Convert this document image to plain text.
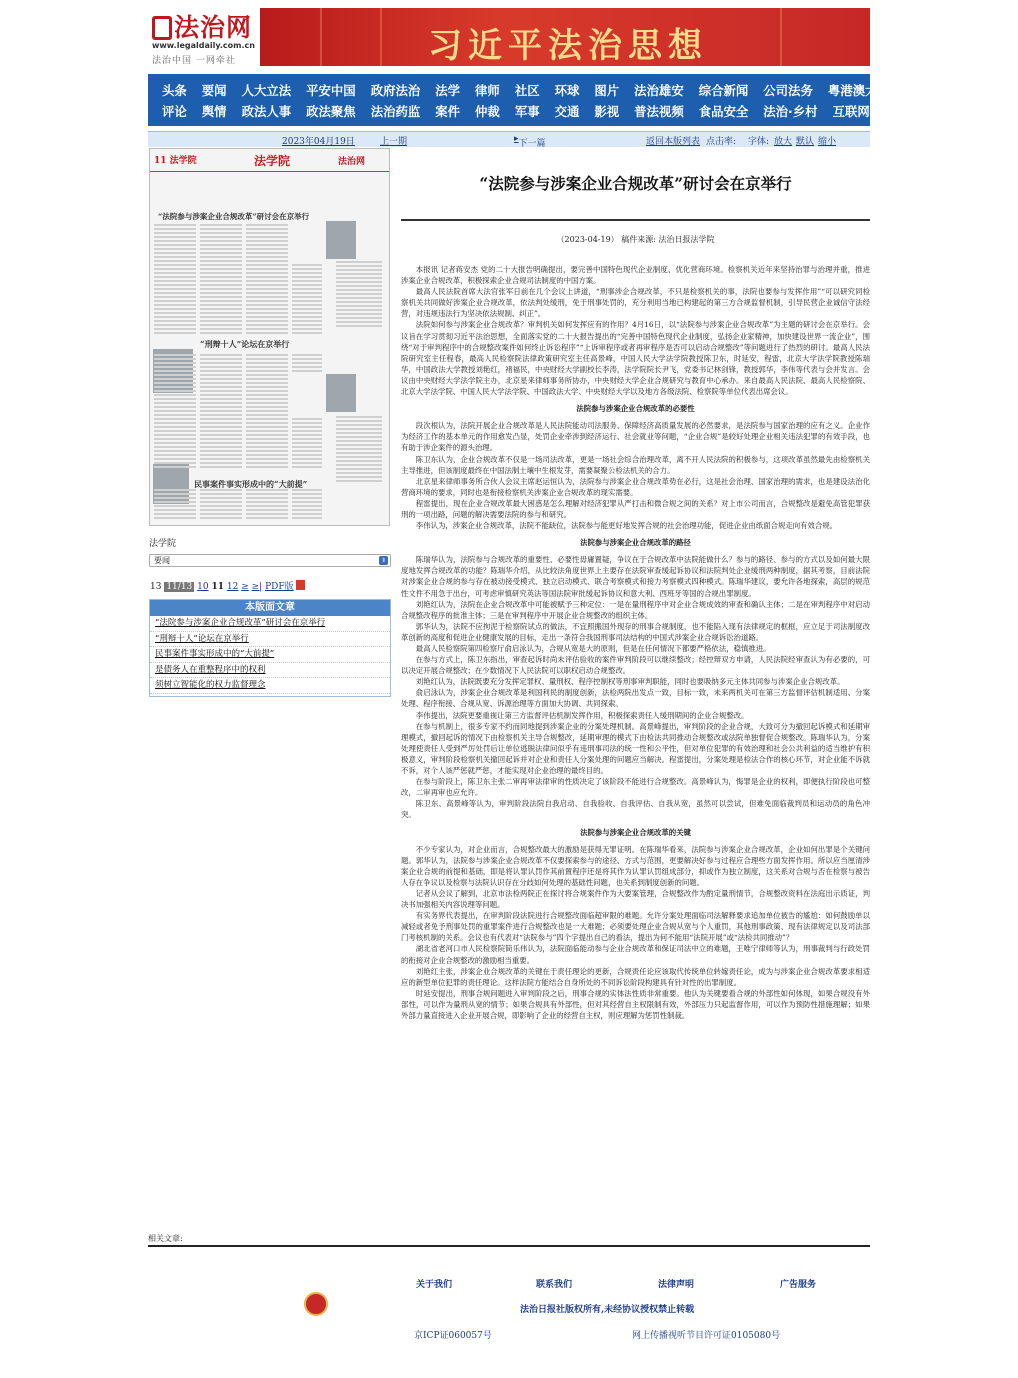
法治网
www.legaldaily.com.cn
法治中国 一网牵社	习近平法治思想
头条 要闻 人大立法 平安中国 政府法治 法学 律师 社区 环球 图片 法治雄安 综合新闻 公司法务 粤港澳大湾区
评论 舆情 政法人事 政法聚焦 法治药监 案件 仲裁 军事 交通 影视 普法视频 食品安全 法治·乡村 互联网法治
2023年04月19日	上一期	▸ 下一篇	返回本版列表 点击率: 字体: 放大 默认 缩小
11 法学院	法学院	法治网
“法院参与涉案企业合规改革”研讨会在京举行
“刑辩十人”论坛在京举行
民事案件事实形成中的“大前提”
法学院
要闻	⇕
13 11/13 10 11 12 ≥ ≥| PDF版
本版面文章
“法院参与涉案企业合规改革”研讨会在京举行
“刑辩十人”论坛在京举行
民事案件事实形成中的“大前提”
是债务人在重整程序中的权利
须树立智能化的权力监督理念
“法院参与涉案企业合规改革”研讨会在京举行
（2023-04-19） 稿件来源: 法治日报法学院

本报讯 记者蒋安杰 党的二十大报告明确提出，要完善中国特色现代企业制度、优化营商环境。检察机关近年来坚持治罪与治理并重，推进涉案企业合规改革，积极探索企业合规司法制度的中国方案。

最高人民法院首席大法官张军日前在几个会议上讲道，“刑事涉企合规改革，不只是检察机关的事，法院也要参与发挥作用”“可以研究同检察机关共同做好涉案企业合规改革，依法判处缓刑，免于刑事处罚的，充分利用当地已构建起的第三方合规监督机制，引导民营企业诚信守法经营，对违规违法行为坚决依法规制、纠正”。

法院如何参与涉案企业合规改革？审判机关如何发挥应有的作用？4月16日，以“法院参与涉案企业合规改革”为主题的研讨会在京举行。会议旨在学习贯彻习近平法治思想，全面落实党的二十大报告提出的“完善中国特色现代企业制度，弘扬企业家精神，加快建设世界一流企业”，围绕“对于审判程序中的合规整改案件如何终止诉讼程序”“上诉审程序或者再审程序是否可以启动合规整改”等问题进行了热烈的研讨。最高人民法院研究室主任程春，最高人民检察院法律政策研究室主任高景峰，中国人民大学法学院教授陈卫东，时延安，程雷，北京大学法学院教授陈瑞华，中国政法大学教授刘艳红，褚福民，中央财经大学副校长李涛，法学院院长尹飞，党委书记林剑锋，教授郭华，李伟等代表与会并发言。会议由中央财经大学法学院主办，北京星来律师事务所协办，中央财经大学企业合规研究与教育中心承办。来自最高人民法院、最高人民检察院、北京大学法学院、中国人民大学法学院、中国政法大学、中央财经大学以及地方各级法院、检察院等单位代表出席会议。

法院参与涉案企业合规改革的必要性

段次根认为，法院开展企业合规改革是人民法院能动司法服务、保障经济高质量发展的必然要求，是法院参与国家治理的应有之义。企业作为经济工作的基本单元的作用愈发凸显，处罚企业牵涉到经济运行、社会就业等问题，“企业合规”是较好处理企业相关违法犯罪的有效手段，也有助于涉企案件的源头治理。

陈卫东认为，企业合规改革不仅是一场司法改革，更是一场社会综合治理改革，离不开人民法院的积极参与，这项改革虽然最先由检察机关主导推进，但该制度最终在中国法制土壤中生根发芽，需要凝聚公检法机关的合力。

北京星来律师事务所合伙人会议主席赵运恒认为，法院参与涉案企业合规改革势在必行，这是社会治理、国家治理的需求，也是建设法治化营商环境的要求，同时也是衔接检察机关涉案企业合规改革的现实需要。

程雷提出，现在企业合规改革最大困惑是怎么理解对经济犯罪从严打击和微合规之间的关系？对上市公司而言，合规整改是避免高管犯罪获刑的一项出路，问题的解决需要法院的参与和研究。

李伟认为，涉案企业合规改革，法院不能缺位，法院参与能更好地发挥合规的社会治理功能，促进企业由纸面合规走向有效合规。

法院参与涉案企业合规改革的路径

陈瑞华认为，法院参与合规改革的重要性、必要性毋庸置疑，争议在于合规改革中法院能做什么？参与的路径、参与的方式以及如何最大限度地发挥合规改革的功能？陈瑞华介绍，从比较法角度世界上主要存在法院审查缓起诉协议和法院判处企业缓刑两种制度，据其考察，目前法院对涉案企业合规的参与存在被动接受模式、独立启动模式、联合考察模式和接力考察模式四种模式。陈瑞华建议，要允许各地探索，高层的规范性文件不用急于出台，可考虑审慎研究英法等国法院审批缓起诉协议和意大利、西班牙等国的合规出罪制度。

刘艳红认为，法院在企业合规改革中可能被赋予三种定位：一是在量刑程序中对企业合规成效的审查和确认主体；二是在审判程序中对启动合规整改程序的批准主体；三是在审判程序中开展企业合规整改的组织主体。

郭华认为，法院不应拘泥于检察院试点的做法，不宜照搬国外现存的刑事合规制度，也不能陷入现有法律规定的框框，应立足于司法制度改革创新的高度和促进企业健康发展的目标，走出一条符合我国刑事司法结构的中国式涉案企业合规诉讼治道路。

最高人民检察院第四检察厅俞启泳认为，合规从宽是大的原则，但是在任何情况下都要严格依法，稳慎推进。

在参与方式上，陈卫东指出，审查起诉时尚未评估验收的案件审判阶段可以继续整改；经控辩双方申请，人民法院经审查认为有必要的，可以决定开展合规整改；在少数情况下人民法院可以职权启动合规整改。

刘艳红认为，法院既要充分发挥定罪权、量刑权、程序控制权等刑事审判职能，同时也要吸纳多元主体共同参与涉案企业合规改革。

俞启泳认为，涉案企业合规改革是利国利民的制度创新，法检两院出发点一致，目标一致，未来两机关可在第三方监督评估机制适用、分案处理、程序衔接、合规从宽、诉源治理等方面加大协调、共同探索。

李伟提出，法院更要重视让第三方监督评估机制发挥作用，积极探索责任人缓刑期间的企业合规整改。

在参与机制上，很多专家不约而同地提到涉案企业的分案处理机制。高景峰提出，审判阶段的企业合规，大致可分为撤回起诉模式和延期审理模式，撤回起诉的情况下由检察机关主导合规整改，延期审理的模式下由检法共同推动合规整改或法院单独督促合规整改。陈瑞华认为，分案处理使责任人受到严厉处罚后让单位逃脱法律问似乎有违刑事司法的统一性和公平性，但对单位犯罪的有效治理和社会公共利益的适当维护有积极意义，审判阶段检察机关撤回起诉并对企业和责任人分案处理的问题应当解决。程雷提出，分案处理是检法合作的核心环节，对企业能不诉就不诉，对个人该严惩就严惩，才能实现对企业治理的最终目的。

在参与阶段上，陈卫东主张二审再审法律审的性质决定了该阶段不能进行合规整改。高景峰认为，悔罪是企业的权利，即便执行阶段也可整改，二审再审也应允许。

陈卫东、高景峰等认为，审判阶段法院自我启动、自我验收、自我评估、自我从宽，虽然可以尝试，但难免面临裁判员和运动员的角色冲突。

法院参与涉案企业合规改革的关键

不少专家认为，对企业而言，合规整改最大的激励是获得无罪证明。在陈瑞华看来，法院参与涉案企业合规改革，企业如何出罪是个关键问题。郭华认为，法院参与涉案企业合规改革不仅要探索参与的途径、方式与范围，更要解决好参与过程应合理些方面发挥作用。所以应当厘清涉案企业合规的前提和基础，即是将认罪认罚作其前置程序还是将其作为认罪认罚组成部分，抑或作为独立制度，这关系对合规与否在检察与被告人存在争议以及检察与法院认识存在分歧如何处理的基础性问题，也关系到制度创新的问题。

记者从会议了解到，北京市法检两院正在探讨将合规案件作为大要案管理，合规整改作为酌定量刑情节，合规整改资料在法庭出示质证，判决书加强相关内容说理等问题。

有实务界代表提出，在审判阶段法院进行合规整改面临超审限的难题。允许分案处理面临司法解释要求追加单位被告的尴尬：如何鼓励单以减轻或者免予刑事处罚的重罪案件进行合规整改也是一大难题；必须要处理企业合规从宽与个人重罚，其他刑事政策、现有法律规定以及司法部门考核机制的关系。会议也有代表对“法院参与”四个字提出自己的看法，提出为何不能用“法院开展”或“法检共同推动”？

湖北省老河口市人民检察院简乐伟认为，法院面临能动参与企业合规改革和保证司法中立的难题，王唯宁律师等认为，刑事裁判与行政处罚的衔接对企业合规整改的激励相当重要。

刘艳红主张，涉案企业合规改革的关键在于责任理论的更新，合规责任论应该取代传统单位转嫁责任论，成为与涉案企业合规改革要求相适应的新型单位犯罪的责任理论。这样法院方能结合自身所处的不同诉讼阶段构建具有针对性的出罪制度。

时延安提出，刑事合规问题进入审判阶段之后，刑事合规的实体法性质非常重要。他认为关键要看合规的外部性如何体现，如果合规没有外部性，可以作为量刑从宽的情节；如果合规具有外部性，但对其经营自主权限制有效，外部压力只起监督作用，可以作为预防性措施理解；如果外部力量直接进入企业开展合规，即影响了企业的经营自主权，则应理解为惩罚性制裁。

相关文章:
关于我们	联系我们	法律声明	广告服务
法治日报社版权所有,未经协议授权禁止转载
京ICP证060057号	网上传播视听节目许可证0105080号
